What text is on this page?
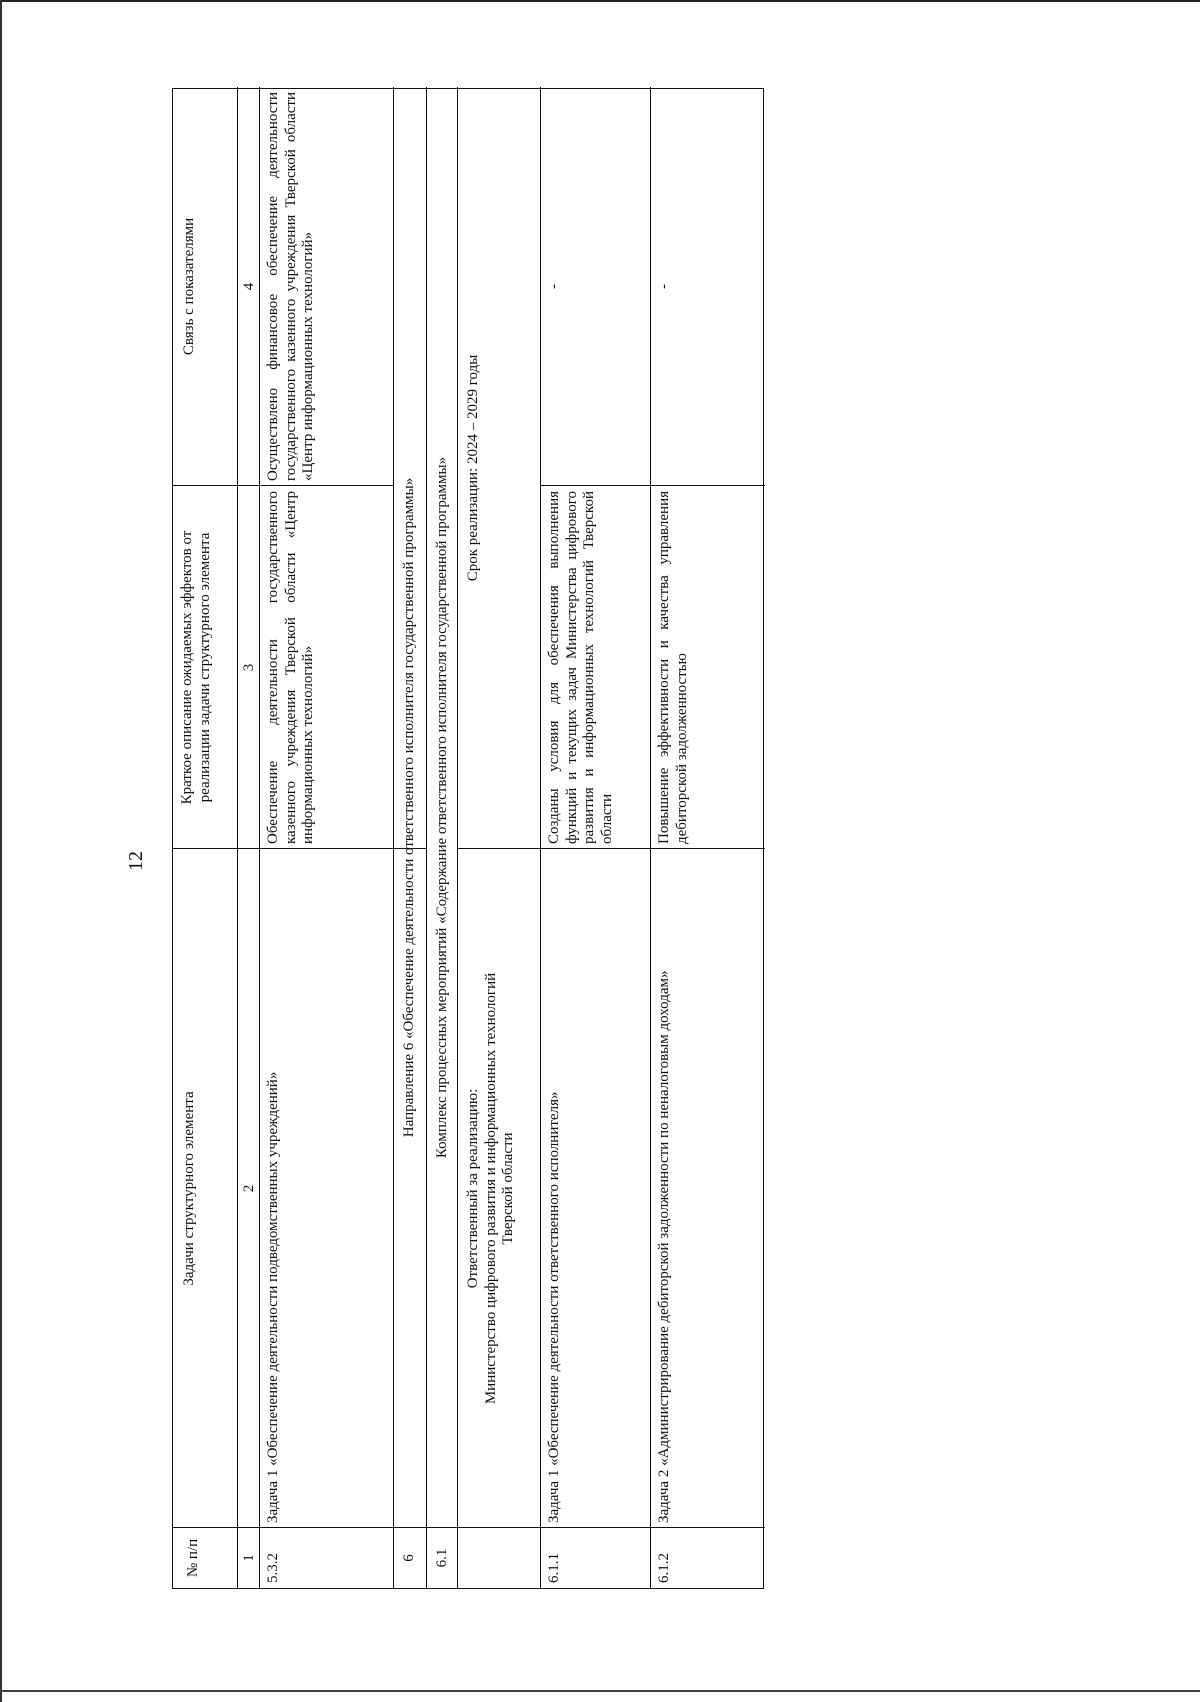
12
№ п/п
Задачи структурного элемента
Краткое описание ожидаемых эффектов от реализации задачи структурного элемента
Связь с показателями
1
2
3
4
5.3.2
Задача 1 «Обеспечение деятельности подведомственных учреждений»
Обеспечение деятельности государственного казенного учреждения Тверской области «Центр информационных технологий»
Осуществлено финансовое обеспечение деятельности государственного казенного учреждения Тверской области «Центр информационных технологий»
6
Направление 6 «Обеспечение деятельности ответственного исполнителя государственной программы»
6.1
Комплекс процессных мероприятий «Содержание ответственного исполнителя государственной программы»
Ответственный за реализацию: Министерство цифрового развития и информационных технологий Тверской области
Срок реализации: 2024 – 2029 годы
6.1.1
Задача 1 «Обеспечение деятельности ответственного исполнителя»
Созданы условия для обеспечения выполнения функций и текущих задач Министерства цифрового развития и информационных технологий Тверской области
-
6.1.2
Задача 2 «Администрирование дебиторской задолженности по неналоговым доходам»
Повышение эффективности и качества управления дебиторской задолженностью
-
